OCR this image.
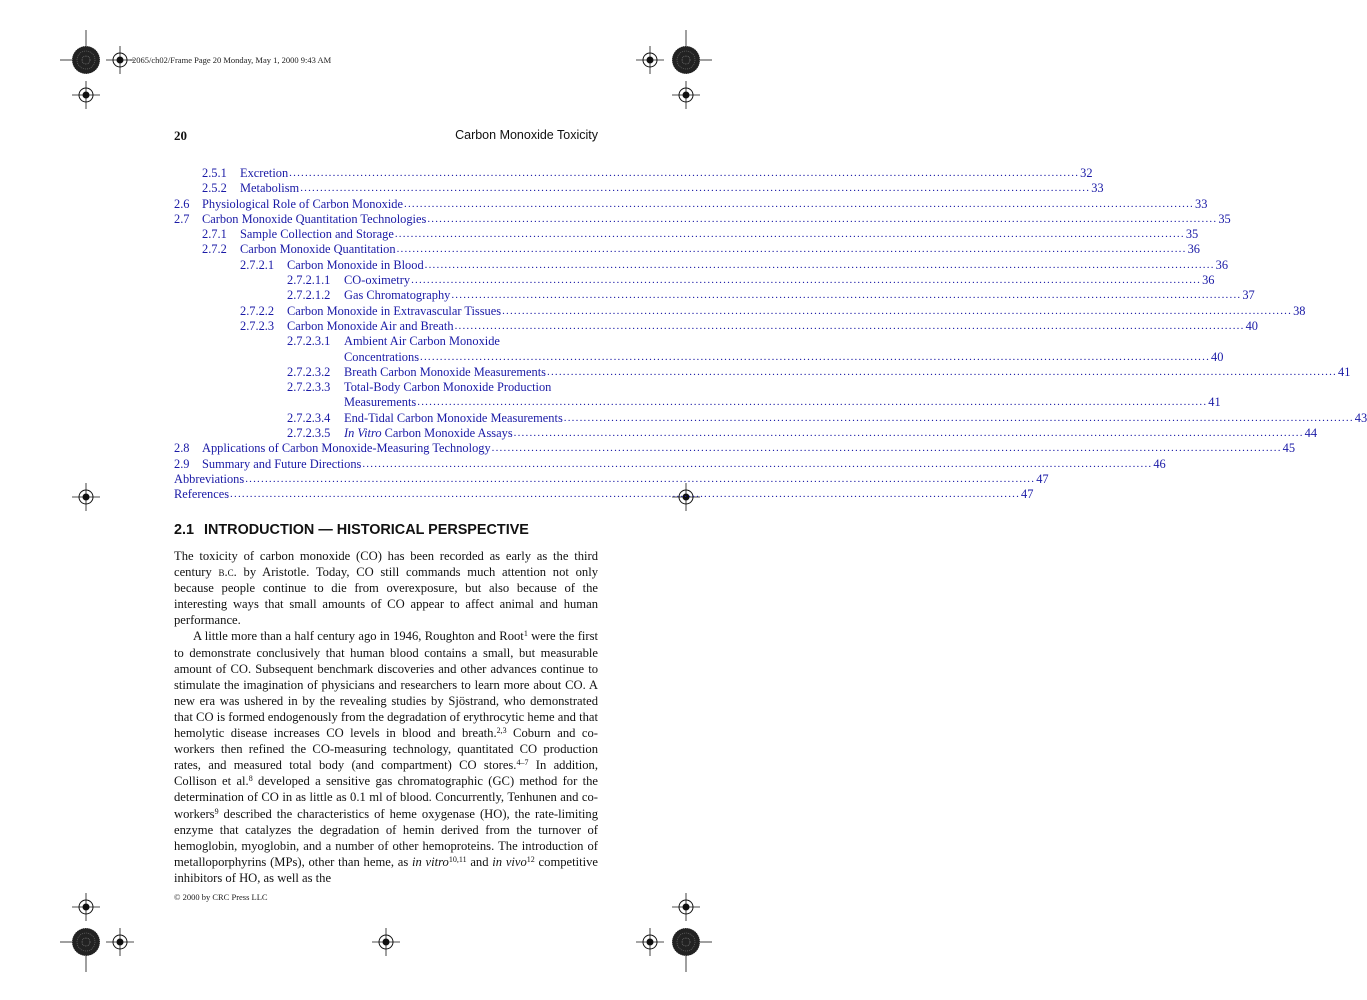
2065/ch02/Frame Page 20 Monday, May 1, 2000 9:43 AM
20	Carbon Monoxide Toxicity
2.5.1 Excretion ........................................................................................................................................................................................................ 32
2.5.2 Metabolism ........................................................................................................................................................................................................ 33
2.6 Physiological Role of Carbon Monoxide ........................................................................................................................................................................................................ 33
2.7 Carbon Monoxide Quantitation Technologies ........................................................................................................................................................................................................ 35
2.7.1 Sample Collection and Storage ........................................................................................................................................................................................................ 35
2.7.2 Carbon Monoxide Quantitation ........................................................................................................................................................................................................ 36
2.7.2.1 Carbon Monoxide in Blood ........................................................................................................................................................................................................ 36
2.7.2.1.1 CO-oximetry ........................................................................................................................................................................................................ 36
2.7.2.1.2 Gas Chromatography ........................................................................................................................................................................................................ 37
2.7.2.2 Carbon Monoxide in Extravascular Tissues ........................................................................................................................................................................................................ 38
2.7.2.3 Carbon Monoxide Air and Breath ........................................................................................................................................................................................................ 40
2.7.2.3.1 Ambient Air Carbon Monoxide
Concentrations ........................................................................................................................................................................................................ 40
2.7.2.3.2 Breath Carbon Monoxide Measurements ........................................................................................................................................................................................................ 41
2.7.2.3.3 Total-Body Carbon Monoxide Production
Measurements ........................................................................................................................................................................................................ 41
2.7.2.3.4 End-Tidal Carbon Monoxide Measurements ........................................................................................................................................................................................................ 43
2.7.2.3.5 In Vitro Carbon Monoxide Assays ........................................................................................................................................................................................................ 44
2.8 Applications of Carbon Monoxide-Measuring Technology ........................................................................................................................................................................................................ 45
2.9 Summary and Future Directions ........................................................................................................................................................................................................ 46
Abbreviations ........................................................................................................................................................................................................ 47
References ........................................................................................................................................................................................................ 47
2.1 INTRODUCTION — HISTORICAL PERSPECTIVE

The toxicity of carbon monoxide (CO) has been recorded as early as the third century b.c. by Aristotle. Today, CO still commands much attention not only because people continue to die from overexposure, but also because of the interesting ways that small amounts of CO appear to affect animal and human performance.

A little more than a half century ago in 1946, Roughton and Root$^1$ were the first to demonstrate conclusively that human blood contains a small, but measurable amount of CO. Subsequent benchmark discoveries and other advances continue to stimulate the imagination of physicians and researchers to learn more about CO. A new era was ushered in by the revealing studies by Sjöstrand, who demonstrated that CO is formed endogenously from the degradation of erythrocytic heme and that hemolytic disease increases CO levels in blood and breath.$^{2,3}$ Coburn and co-workers then refined the CO-measuring technology, quantitated CO production rates, and measured total body (and compartment) CO stores.$^{4-7}$ In addition, Collison et al.$^8$ developed a sensitive gas chromatographic (GC) method for the determination of CO in as little as 0.1 ml of blood. Concurrently, Tenhunen and co-workers$^9$ described the characteristics of heme oxygenase (HO), the rate-limiting enzyme that catalyzes the degradation of hemin derived from the turnover of hemoglobin, myoglobin, and a number of other hemoproteins. The introduction of metalloporphyrins (MPs), other than heme, as in vitro$^{10,11}$ and in vivo$^{12}$ competitive inhibitors of HO, as well as the

© 2000 by CRC Press LLC
